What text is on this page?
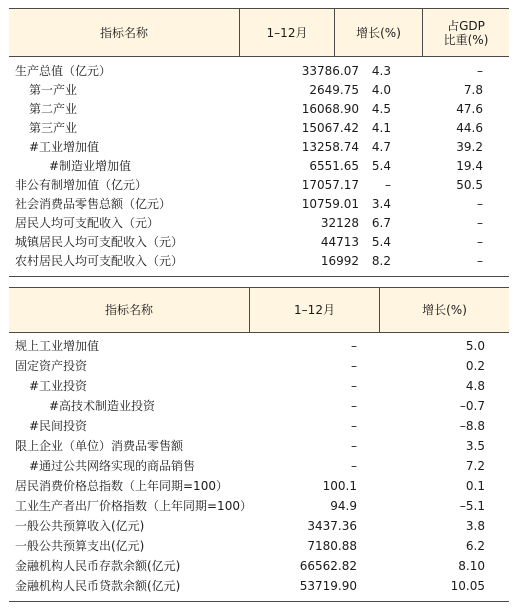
指标名称	1–12月	增长(%)	占GDP
比重(%)
生产总值（亿元）	33786.07 4.3	–
第一产业	2649.75 4.0	7.8
第二产业	16068.90 4.5	47.6
第三产业	15067.42 4.1	44.6
#工业增加值	13258.74 4.7	39.2
#制造业增加值	6551.65 5.4	19.4
非公有制增加值（亿元）	17057.17 –	50.5
社会消费品零售总额（亿元）	10759.01 3.4	–
居民人均可支配收入（元）	32128 6.7	–
城镇居民人均可支配收入（元）	44713 5.4	–
农村居民人均可支配收入（元）	16992 8.2	–
指标名称	1–12月	增长(%)
规上工业增加值	–	5.0
固定资产投资	–	0.2
#工业投资	–	4.8
#高技术制造业投资	–	–0.7
#民间投资	–	–8.8
限上企业（单位）消费品零售额	–	3.5
#通过公共网络实现的商品销售	–	7.2
居民消费价格总指数（上年同期=100）	100.1	0.1
工业生产者出厂价格指数（上年同期=100）	94.9	–5.1
一般公共预算收入(亿元)	3437.36	3.8
一般公共预算支出(亿元)	7180.88	6.2
金融机构人民币存款余额(亿元)	66562.82	8.10
金融机构人民币贷款余额(亿元)	53719.90	10.05
